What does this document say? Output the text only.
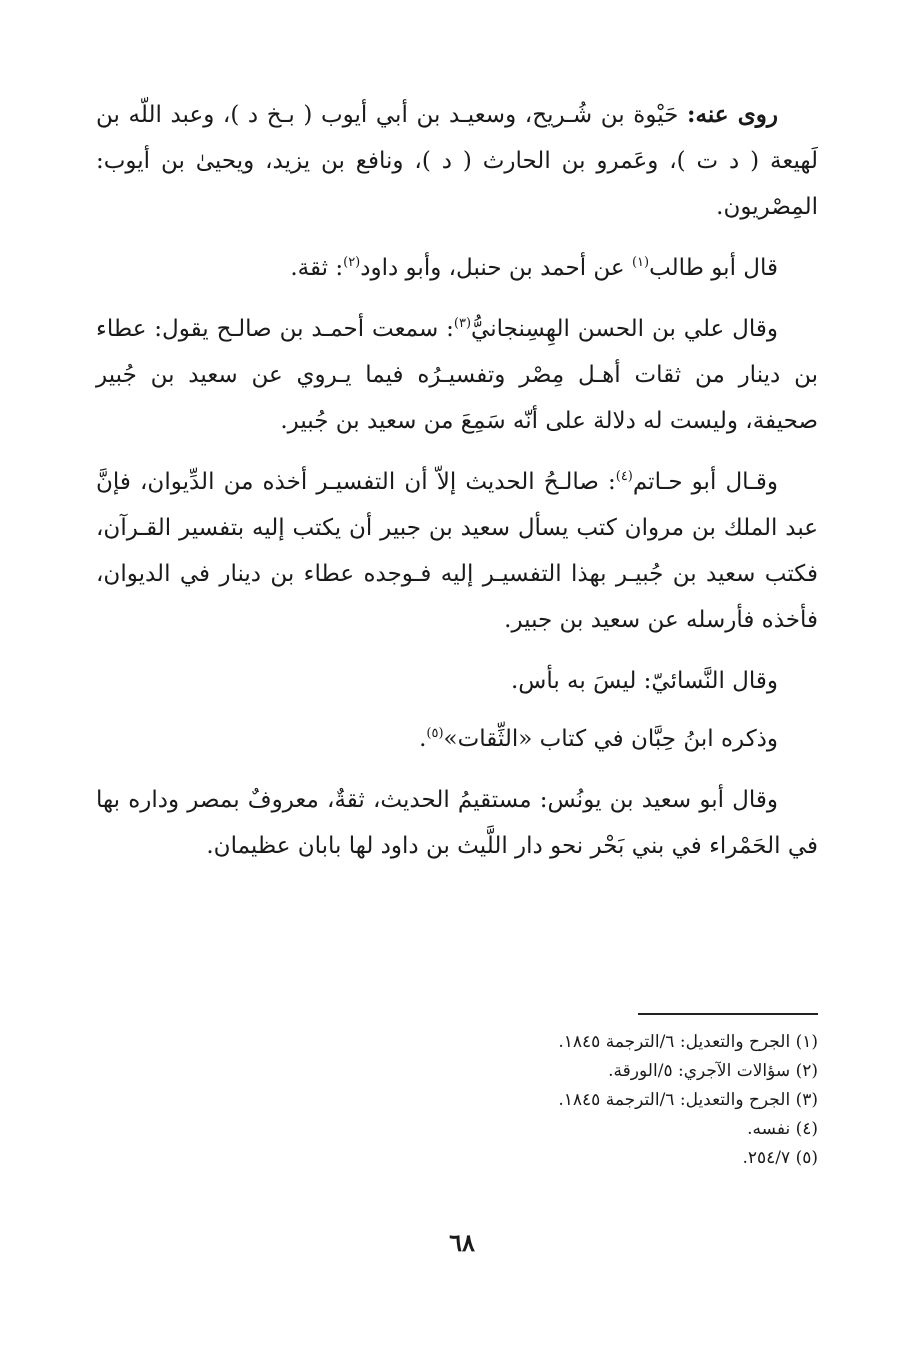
روى عنه: حَيْوة بن شُـريح، وسعيـد بن أبي أيوب ( بـخ د )، وعبد اللّه بن لَهيعة ( د ت )، وعَمرو بن الحارث ( د )، ونافع بن يزيد، ويحيىٰ بن أيوب: المِصْريون.

قال أبو طالب$^{(١)}$ عن أحمد بن حنبل، وأبو داود$^{(٢)}$: ثقة.

وقال علي بن الحسن الهِسِنجانيُّ$^{(٣)}$: سمعت أحمـد بن صالـح يقول: عطاء بن دينار من ثقات أهـل مِصْر وتفسيـرُه فيما يـروي عن سعيد بن جُبير صحيفة، وليست له دلالة على أنّه سَمِعَ من سعيد بن جُبير.

وقـال أبو حـاتم$^{(٤)}$: صالـحُ الحديث إلاّ أن التفسيـر أخذه من الدِّيوان، فإنَّ عبد الملك بن مروان كتب يسأل سعيد بن جبير أن يكتب إليه بتفسير القـرآن، فكتب سعيد بن جُبيـر بهذا التفسيـر إليه فـوجده عطاء بن دينار في الديوان، فأخذه فأرسله عن سعيد بن جبير.

وقال النَّسائيّ: ليسَ به بأس.

وذكره ابنُ حِبَّان في كتاب «الثِّقات»$^{(٥)}$.

وقال أبو سعيد بن يونُس: مستقيمُ الحديث، ثقةٌ، معروفٌ بمصر وداره بها في الحَمْراء في بني بَحْر نحو دار اللَّيث بن داود لها بابان عظيمان.

(١) الجرح والتعديل: ٦/الترجمة ١٨٤٥.
(٢) سؤالات الآجري: ٥/الورقة.
(٣) الجرح والتعديل: ٦/الترجمة ١٨٤٥.
(٤) نفسه.
(٥) ٢٥٤/٧.
٦٨
